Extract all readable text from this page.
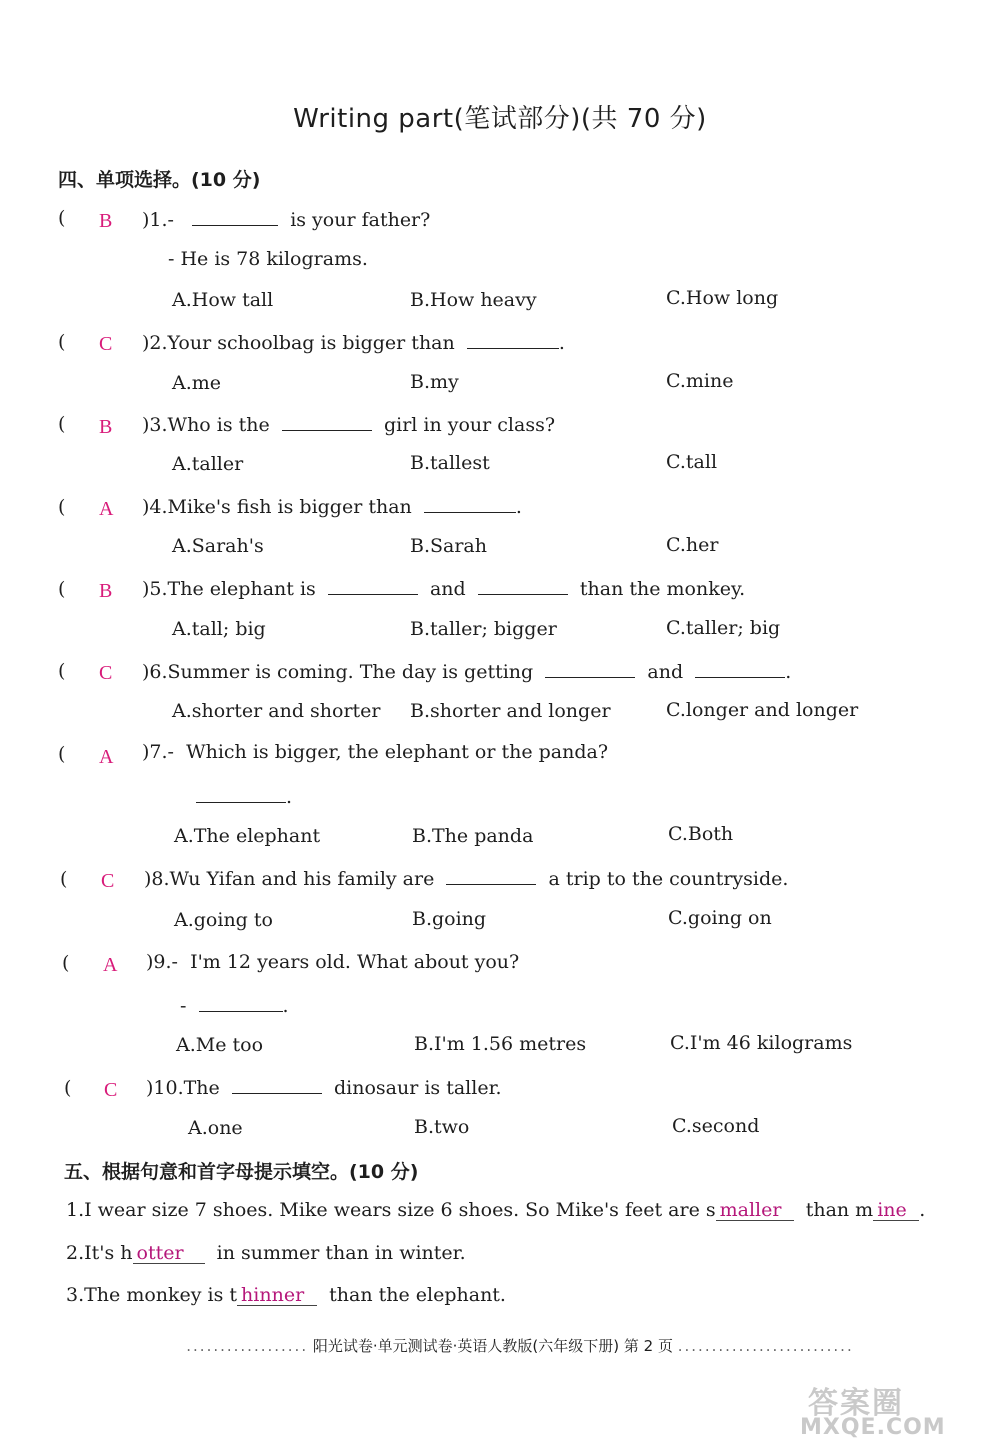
Writing part(笔试部分)(共 70 分)
四、单项选择。(10 分)
( B )1.-	is your father?
- He is 78 kilograms.
A.How tall	B.How heavy	C.How long
( C )2.Your schoolbag is bigger than	.
A.me	B.my	C.mine
( B )3.Who is the	girl in your class?
A.taller	B.tallest	C.tall
( A )4.Mike's fish is bigger than	.
A.Sarah's	B.Sarah	C.her
( B )5.The elephant is	and	than the monkey.
A.tall; big	B.taller; bigger	C.taller; big
( C )6.Summer is coming. The day is getting	and	.
A.shorter and shorter B.shorter and longer	C.longer and longer
( A )7.- Which is bigger, the elephant or the panda?
.
A.The elephant	B.The panda	C.Both
( C )8.Wu Yifan and his family are	a trip to the countryside.
A.going to	B.going	C.going on
( A )9.- I'm 12 years old. What about you?
-	.
A.Me too	B.I'm 1.56 metres	C.I'm 46 kilograms
( C )10.The	dinosaur is taller.
A.one	B.two	C.second
五、根据句意和首字母提示填空。(10 分)
1.I wear size 7 shoes. Mike wears size 6 shoes. So Mike's feet are s maller than m ine .
2.It's h otter in summer than in winter.
3.The monkey is t hinner than the elephant.
.................. 阳光试卷·单元测试卷·英语人教版(六年级下册) 第 2 页 ..........................
答案圈
MXQE.COM
